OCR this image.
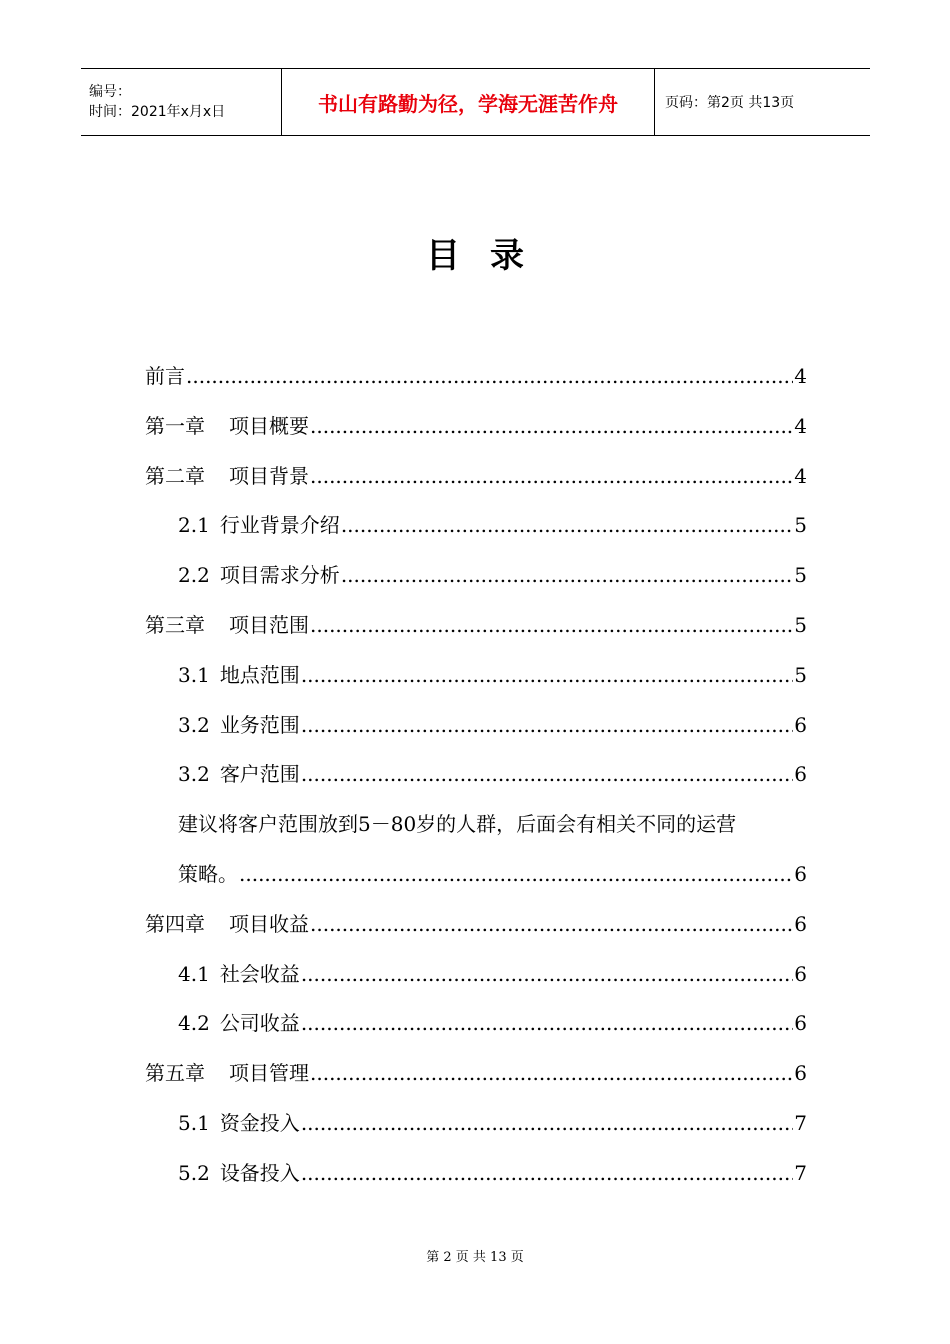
编号：
时间：2021年x月x日	书山有路勤为径，学海无涯苦作舟	页码：第2页 共13页
目录
前言 .....	4
第一章 项目概要 .....	4
第二章 项目背景 .....	4
2.1 行业背景介绍 .....	5
2.2 项目需求分析 .....	5
第三章 项目范围 .....	5
3.1 地点范围 .....	5
3.2 业务范围 .....	6
3.2 客户范围 .....	6
建议将客户范围放到5－80岁的人群，后面会有相关不同的运营
策略。 .....	6
第四章 项目收益 .....	6
4.1 社会收益 .....	6
4.2 公司收益 .....	6
第五章 项目管理 .....	6
5.1 资金投入 .....	7
5.2 设备投入 .....	7
第 2 页 共 13 页
